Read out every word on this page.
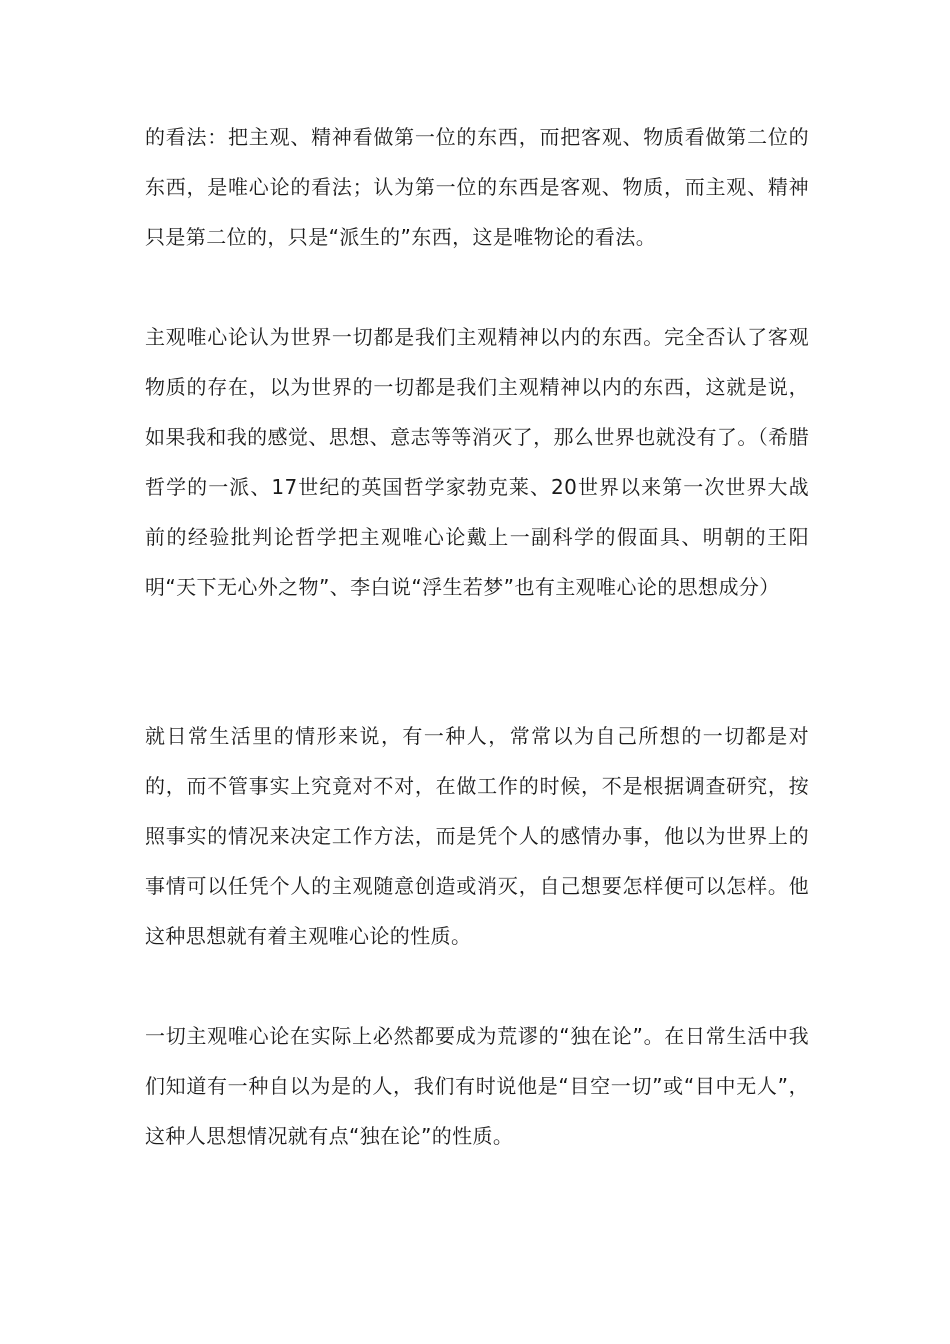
的看法：把主观、精神看做第一位的东西，而把客观、物质看做第二位的东西，是唯心论的看法；认为第一位的东西是客观、物质，而主观、精神只是第二位的，只是“派生的”东西，这是唯物论的看法。

主观唯心论认为世界一切都是我们主观精神以内的东西。完全否认了客观物质的存在，以为世界的一切都是我们主观精神以内的东西，这就是说，如果我和我的感觉、思想、意志等等消灭了，那么世界也就没有了。（希腊哲学的一派、17世纪的英国哲学家勃克莱、20世界以来第一次世界大战前的经验批判论哲学把主观唯心论戴上一副科学的假面具、明朝的王阳明“天下无心外之物”、李白说“浮生若梦”也有主观唯心论的思想成分）

就日常生活里的情形来说，有一种人，常常以为自己所想的一切都是对的，而不管事实上究竟对不对，在做工作的时候，不是根据调查研究，按照事实的情况来决定工作方法，而是凭个人的感情办事，他以为世界上的事情可以任凭个人的主观随意创造或消灭，自己想要怎样便可以怎样。他这种思想就有着主观唯心论的性质。

一切主观唯心论在实际上必然都要成为荒谬的“独在论”。在日常生活中我们知道有一种自以为是的人，我们有时说他是“目空一切”或“目中无人”，这种人思想情况就有点“独在论”的性质。
